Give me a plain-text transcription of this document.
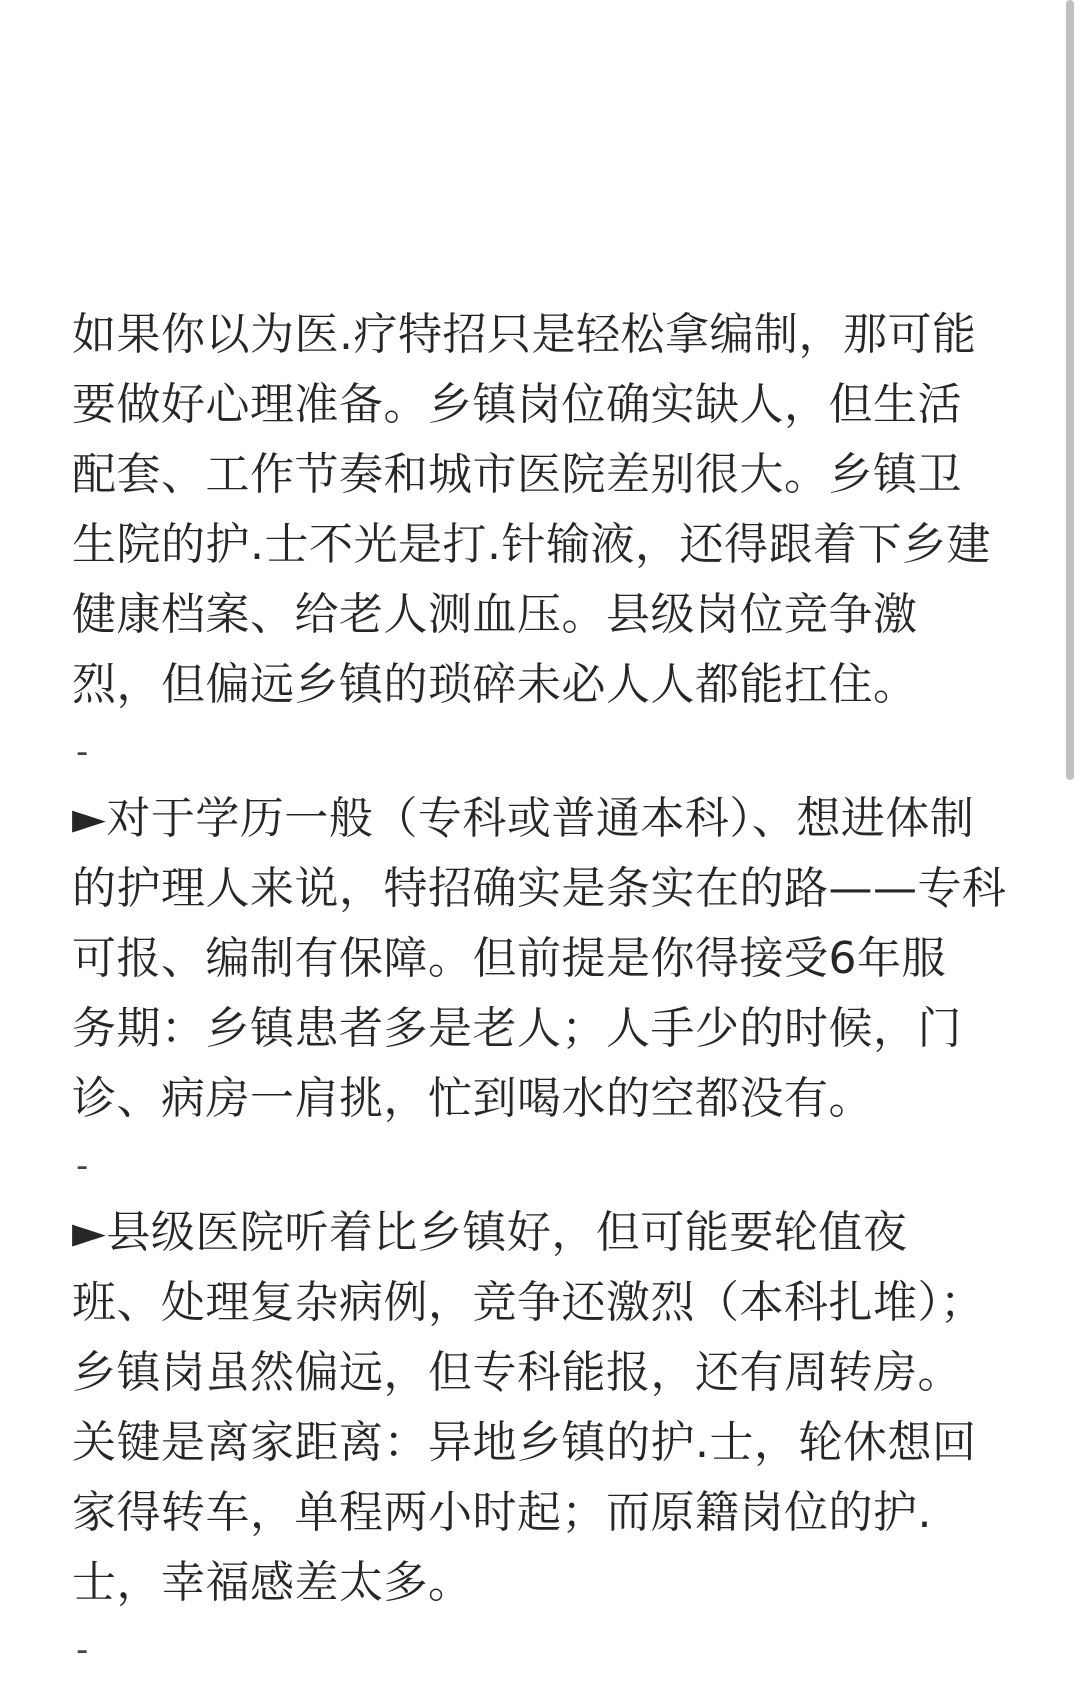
如果你以为医.疗特招只是轻松拿编制，那可能
要做好心理准备。乡镇岗位确实缺人，但生活
配套、工作节奏和城市医院差别很大。乡镇卫
生院的护.士不光是打.针输液，还得跟着下乡建
健康档案、给老人测血压。县级岗位竞争激
烈，但偏远乡镇的琐碎未必人人都能扛住。
-
►对于学历一般（专科或普通本科）、想进体制
的护理人来说，特招确实是条实在的路——专科
可报、编制有保障。但前提是你得接受6年服
务期：乡镇患者多是老人；人手少的时候，门
诊、病房一肩挑，忙到喝水的空都没有。
-
►县级医院听着比乡镇好，但可能要轮值夜
班、处理复杂病例，竞争还激烈（本科扎堆）；
乡镇岗虽然偏远，但专科能报，还有周转房。
关键是离家距离：异地乡镇的护.士，轮休想回
家得转车，单程两小时起；而原籍岗位的护.
士，幸福感差太多。
-
